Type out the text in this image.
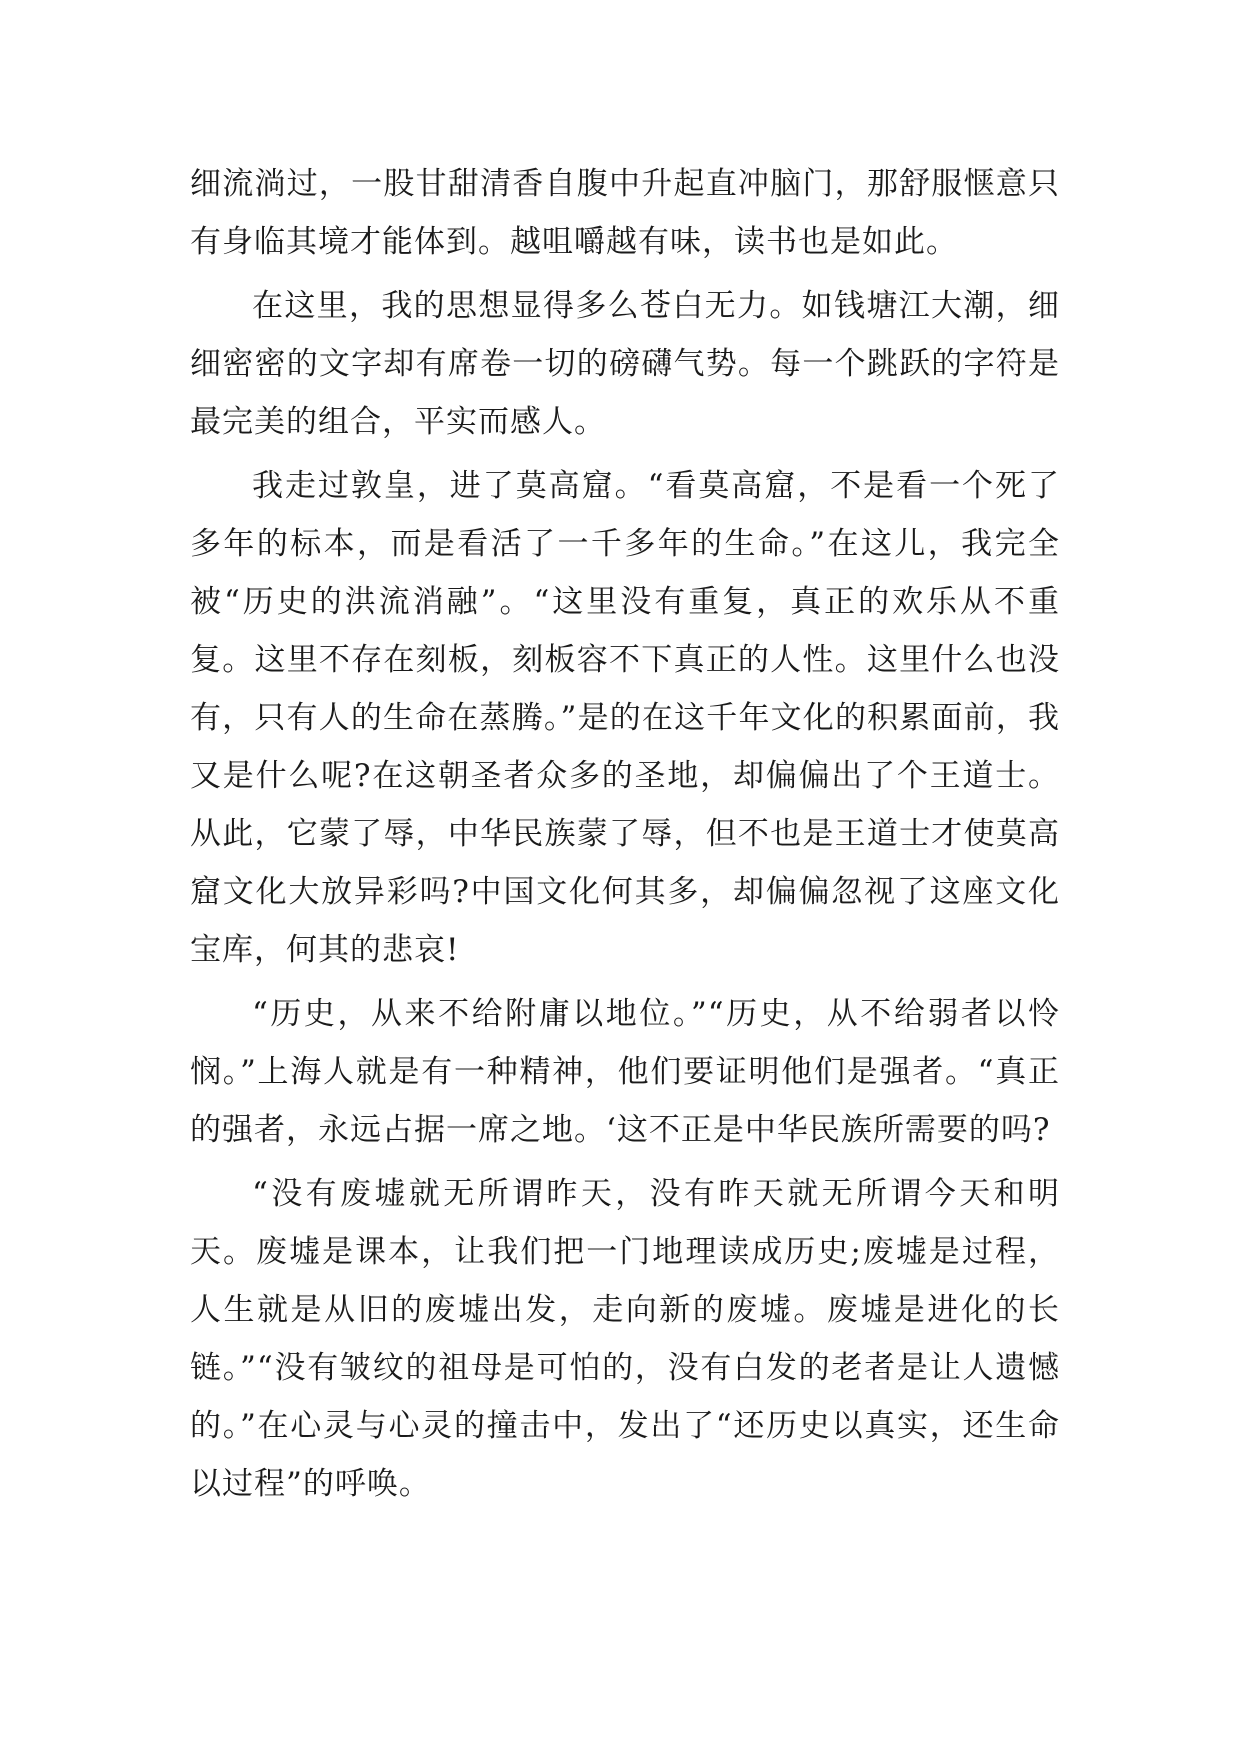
细流淌过，一股甘甜清香自腹中升起直冲脑门，那舒服惬意只有身临其境才能体到。越咀嚼越有味，读书也是如此。

在这里，我的思想显得多么苍白无力。如钱塘江大潮，细细密密的文字却有席卷一切的磅礴气势。每一个跳跃的字符是最完美的组合，平实而感人。

我走过敦皇，进了莫高窟。“看莫高窟，不是看一个死了多年的标本，而是看活了一千多年的生命。”在这儿，我完全被“历史的洪流消融”。“这里没有重复，真正的欢乐从不重复。这里不存在刻板，刻板容不下真正的人性。这里什么也没有，只有人的生命在蒸腾。”是的在这千年文化的积累面前，我又是什么呢?在这朝圣者众多的圣地，却偏偏出了个王道士。从此，它蒙了辱，中华民族蒙了辱，但不也是王道士才使莫高窟文化大放异彩吗?中国文化何其多，却偏偏忽视了这座文化宝库，何其的悲哀!

“历史，从来不给附庸以地位。”“历史，从不给弱者以怜悯。”上海人就是有一种精神，他们要证明他们是强者。“真正的强者，永远占据一席之地。‘这不正是中华民族所需要的吗?

“没有废墟就无所谓昨天，没有昨天就无所谓今天和明天。废墟是课本，让我们把一门地理读成历史;废墟是过程，人生就是从旧的废墟出发，走向新的废墟。废墟是进化的长链。”“没有皱纹的祖母是可怕的，没有白发的老者是让人遗憾的。”在心灵与心灵的撞击中，发出了“还历史以真实，还生命以过程”的呼唤。
